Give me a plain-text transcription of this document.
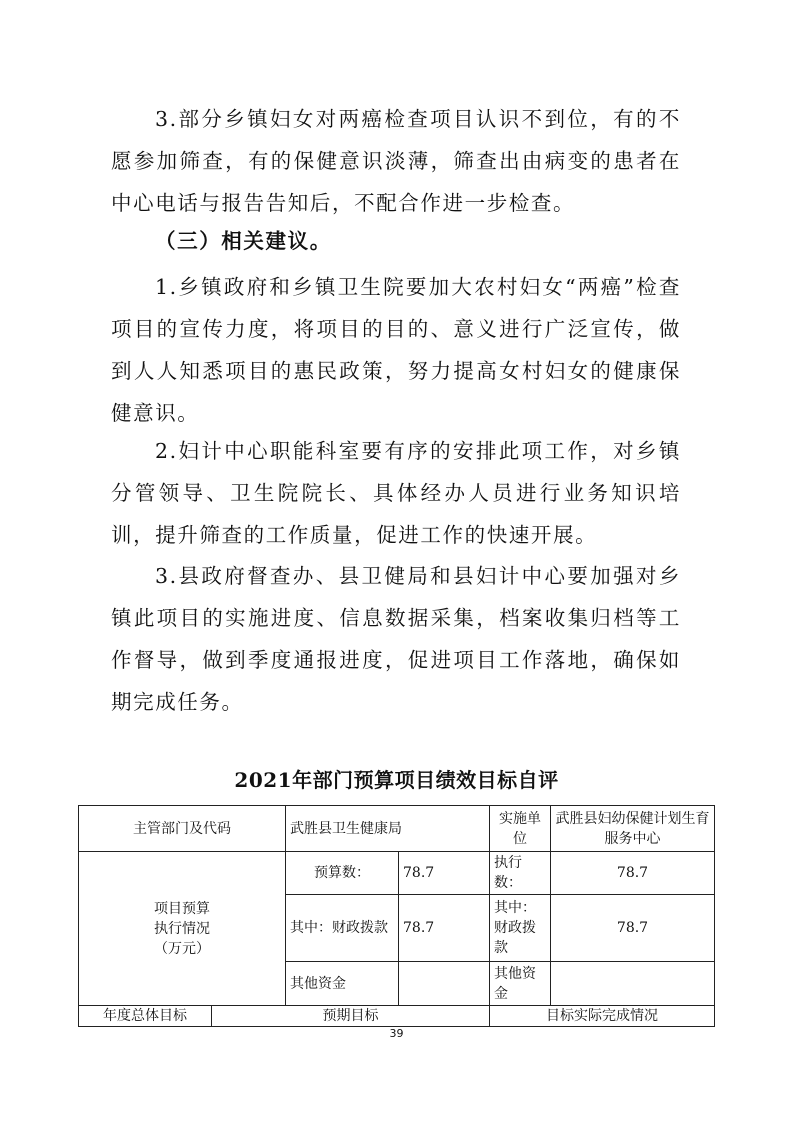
3.部分乡镇妇女对两癌检查项目认识不到位，有的不愿参加筛查，有的保健意识淡薄，筛查出由病变的患者在中心电话与报告告知后，不配合作进一步检查。

（三）相关建议。

1.乡镇政府和乡镇卫生院要加大农村妇女“两癌”检查项目的宣传力度，将项目的目的、意义进行广泛宣传，做到人人知悉项目的惠民政策，努力提高女村妇女的健康保健意识。

2.妇计中心职能科室要有序的安排此项工作，对乡镇分管领导、卫生院院长、具体经办人员进行业务知识培训，提升筛查的工作质量，促进工作的快速开展。

3.县政府督查办、县卫健局和县妇计中心要加强对乡镇此项目的实施进度、信息数据采集，档案收集归档等工作督导，做到季度通报进度，促进项目工作落地，确保如期完成任务。

2021年部门预算项目绩效目标自评

主管部门及代码		武胜县卫生健康局		实施单位	武胜县妇幼保健计划生育服务中心

项目预算
执行情况
（万元）		预算数：	78.7	执行数：	78.7
		其中：财政拨款	78.7	其中：财政拨款	78.7
		其他资金		其他资金	
年度总体目标	预期目标			目标实际完成情况	
39
